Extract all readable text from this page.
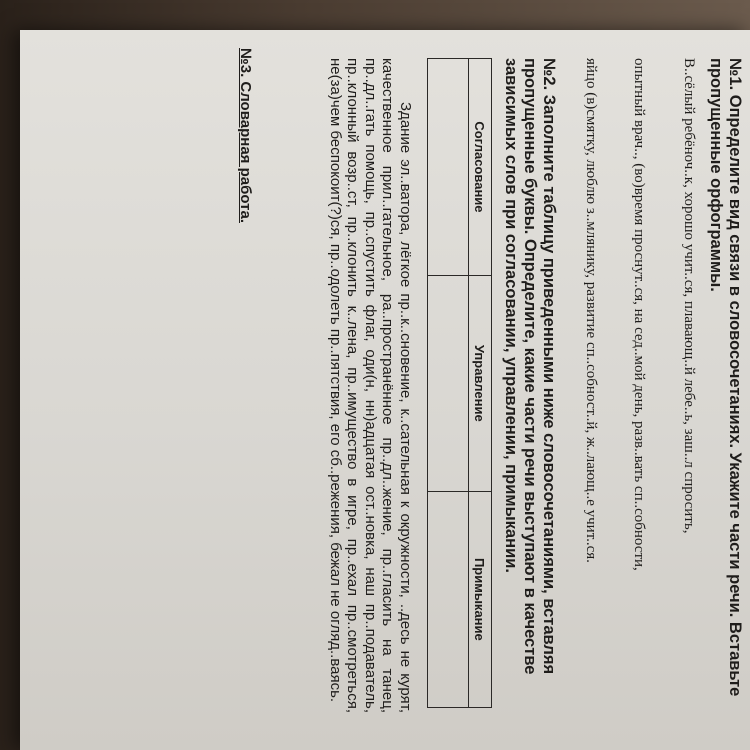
№1. Определите вид связи в словосочетаниях. Укажите части речи. Вставьте

пропущенные орфограммы.

В..сёлый ребёноч..к, хорошо учит..ся, плавающ..й лебе..ь, заш..л спросить,
опытный врач.., (во)время проснут..ся, на сед..мой день, разв..вать сп..собности,
яйцо (в)смятку, люблю з..млянику, развитие сп..собност..й, ж..лающ..е учит..ся.

№2. Заполните таблицу приведенными ниже словосочетаниями, вставляя

пропущенные буквы. Определите, какие части речи выступают в качестве

зависимых слов при согласовании, управлении, примыкании.

Согласование	Управление	Примыкание

Здание эл..ватора, лёгкое пр..к..сновение, к..сательная к окружности, ..десь не курят, качественное прил..гательное, ра..пространённое пр..дл..жение, пр..гласить на танец, пр..дл..гать помощь, пр..спустить флаг, оди(н, нн)адцатая ост..новка, наш пр..подаватель, пр..клонный возр..ст, пр..клонить к..лена, пр..имущество в игре, пр..ехал пр..смотреться, не(за)чем беспокоит(?)ся, пр..одолеть пр..пятствия, его сб..режения, бежал не огляд..ваясь.
№3. Словарная работа.
